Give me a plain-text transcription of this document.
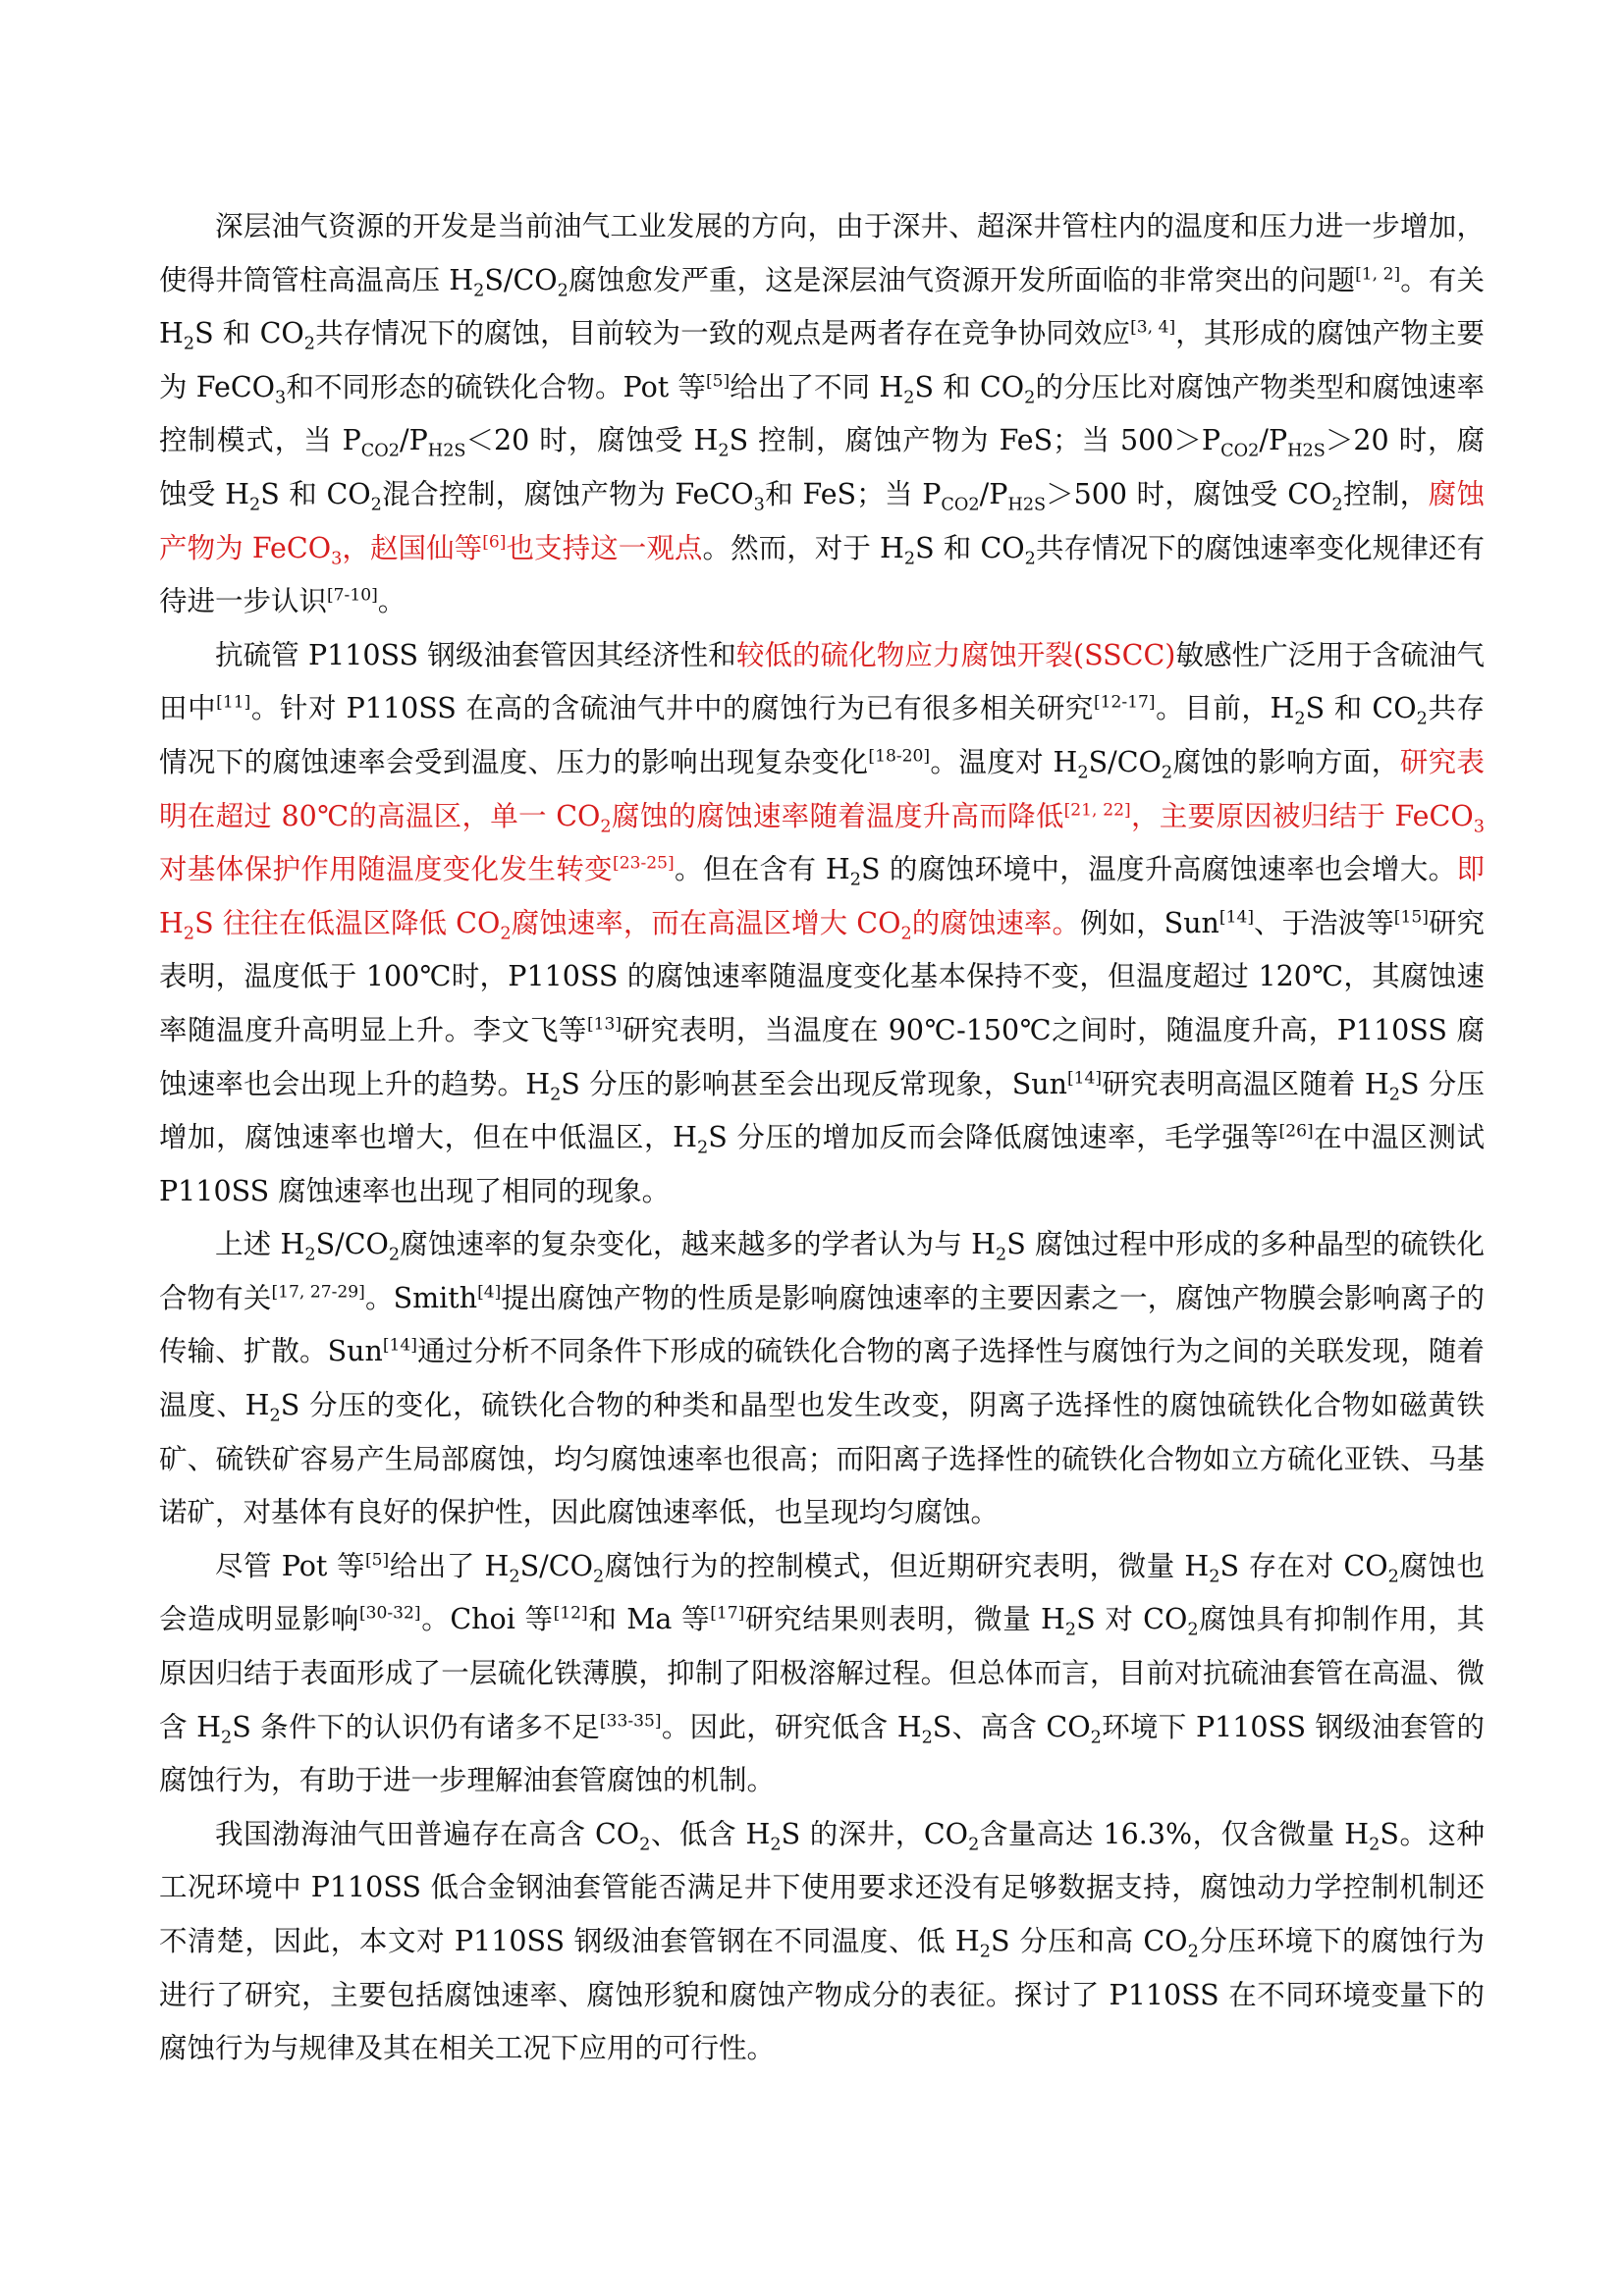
深层油气资源的开发是当前油气工业发展的方向，由于深井、超深井管柱内的温度和压力进一步增加，使得井筒管柱高温高压 $H_2S/CO_2$腐蚀愈发严重，这是深层油气资源开发所面临的非常突出的问题[1, 2]。有关 $H_2S$ 和 $CO_2$共存情况下的腐蚀，目前较为一致的观点是两者存在竞争协同效应[3, 4]，其形成的腐蚀产物主要为 FeCO$_3$和不同形态的硫铁化合物。Pot 等[5]给出了不同 $H_2S$ 和 $CO_2$的分压比对腐蚀产物类型和腐蚀速率控制模式，当 $P_{CO2}/P_{H2S}<20$ 时，腐蚀受 $H_2S$ 控制，腐蚀产物为 FeS；当 $500>P_{CO2}/P_{H2S}>20$ 时，腐蚀受 $H_2S$ 和 $CO_2$混合控制，腐蚀产物为 FeCO$_3$和 FeS；当 $P_{CO2}/P_{H2S}>500$ 时，腐蚀受 $CO_2$控制，腐蚀产物为 FeCO$_3$，赵国仙等[6]也支持这一观点。然而，对于 $H_2S$ 和 $CO_2$共存情况下的腐蚀速率变化规律还有待进一步认识[7-10]。

抗硫管 P110SS 钢级油套管因其经济性和较低的硫化物应力腐蚀开裂(SSCC)敏感性广泛用于含硫油气田中[11]。针对 P110SS 在高的含硫油气井中的腐蚀行为已有很多相关研究[12-17]。目前，$H_2S$ 和 $CO_2$共存情况下的腐蚀速率会受到温度、压力的影响出现复杂变化[18-20]。温度对 $H_2S/CO_2$腐蚀的影响方面，研究表明在超过 80℃的高温区，单一 $CO_2$腐蚀的腐蚀速率随着温度升高而降低[21, 22]，主要原因被归结于 FeCO$_3$对基体保护作用随温度变化发生转变[23-25]。但在含有 $H_2S$ 的腐蚀环境中，温度升高腐蚀速率也会增大。即 $H_2S$ 往往在低温区降低 $CO_2$腐蚀速率，而在高温区增大 $CO_2$的腐蚀速率。例如，Sun[14]、于浩波等[15]研究表明，温度低于 100℃时，P110SS 的腐蚀速率随温度变化基本保持不变，但温度超过 120℃，其腐蚀速率随温度升高明显上升。李文飞等[13]研究表明，当温度在 90℃-150℃之间时，随温度升高，P110SS 腐蚀速率也会出现上升的趋势。$H_2S$ 分压的影响甚至会出现反常现象，Sun[14]研究表明高温区随着 $H_2S$ 分压增加，腐蚀速率也增大，但在中低温区，$H_2S$ 分压的增加反而会降低腐蚀速率，毛学强等[26]在中温区测试 P110SS 腐蚀速率也出现了相同的现象。

上述 $H_2S/CO_2$腐蚀速率的复杂变化，越来越多的学者认为与 $H_2S$ 腐蚀过程中形成的多种晶型的硫铁化合物有关[17, 27-29]。Smith[4]提出腐蚀产物的性质是影响腐蚀速率的主要因素之一，腐蚀产物膜会影响离子的传输、扩散。Sun[14]通过分析不同条件下形成的硫铁化合物的离子选择性与腐蚀行为之间的关联发现，随着温度、$H_2S$ 分压的变化，硫铁化合物的种类和晶型也发生改变，阴离子选择性的腐蚀硫铁化合物如磁黄铁矿、硫铁矿容易产生局部腐蚀，均匀腐蚀速率也很高；而阳离子选择性的硫铁化合物如立方硫化亚铁、马基诺矿，对基体有良好的保护性，因此腐蚀速率低，也呈现均匀腐蚀。

尽管 Pot 等[5]给出了 $H_2S/CO_2$腐蚀行为的控制模式，但近期研究表明，微量 $H_2S$ 存在对 $CO_2$腐蚀也会造成明显影响[30-32]。Choi 等[12]和 Ma 等[17]研究结果则表明，微量 $H_2S$ 对 $CO_2$腐蚀具有抑制作用，其原因归结于表面形成了一层硫化铁薄膜，抑制了阳极溶解过程。但总体而言，目前对抗硫油套管在高温、微含 $H_2S$ 条件下的认识仍有诸多不足[33-35]。因此，研究低含 $H_2S$、高含 $CO_2$环境下 P110SS 钢级油套管的腐蚀行为，有助于进一步理解油套管腐蚀的机制。

我国渤海油气田普遍存在高含 $CO_2$、低含 $H_2S$ 的深井，$CO_2$含量高达 16.3%，仅含微量 $H_2S$。这种工况环境中 P110SS 低合金钢油套管能否满足井下使用要求还没有足够数据支持，腐蚀动力学控制机制还不清楚，因此，本文对 P110SS 钢级油套管钢在不同温度、低 $H_2S$ 分压和高 $CO_2$分压环境下的腐蚀行为进行了研究，主要包括腐蚀速率、腐蚀形貌和腐蚀产物成分的表征。探讨了 P110SS 在不同环境变量下的腐蚀行为与规律及其在相关工况下应用的可行性。
